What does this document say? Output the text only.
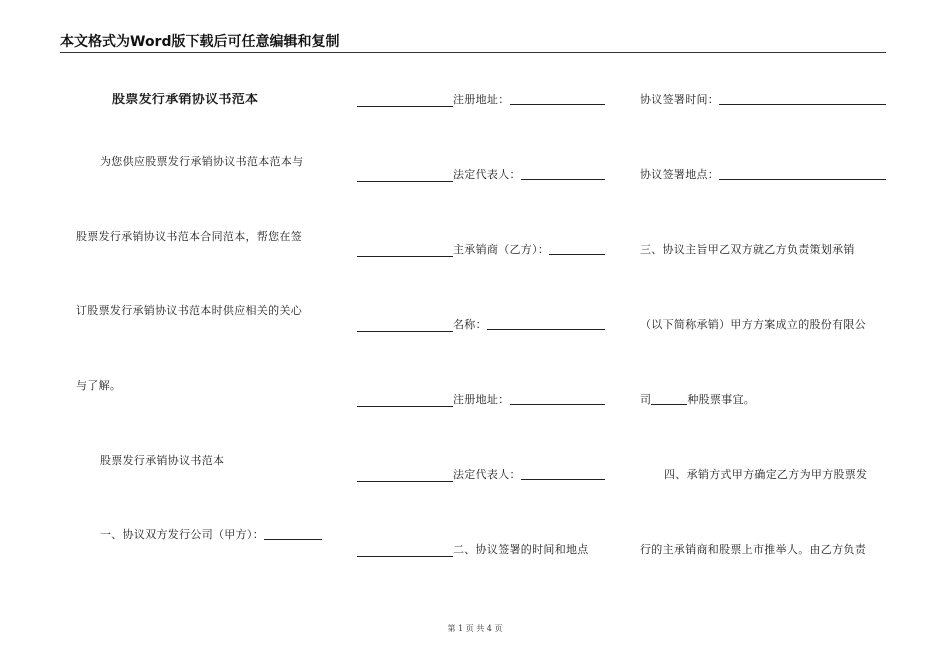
本文格式为Word版下载后可任意编辑和复制
股票发行承销协议书范本
为您供应股票发行承销协议书范本范本与
股票发行承销协议书范本合同范本，帮您在签
订股票发行承销协议书范本时供应相关的关心
与了解。
股票发行承销协议书范本
一、协议双方发行公司（甲方）：
注册地址：
法定代表人：
主承销商（乙方）：
名称：
注册地址：
法定代表人：
二、协议签署的时间和地点
协议签署时间：
协议签署地点：
三、协议主旨甲乙双方就乙方负责策划承销
（以下简称承销）甲方方案成立的股份有限公
司	种股票事宜。
四、承销方式甲方确定乙方为甲方股票发
行的主承销商和股票上市推举人。由乙方负责
第 1 页 共 4 页
